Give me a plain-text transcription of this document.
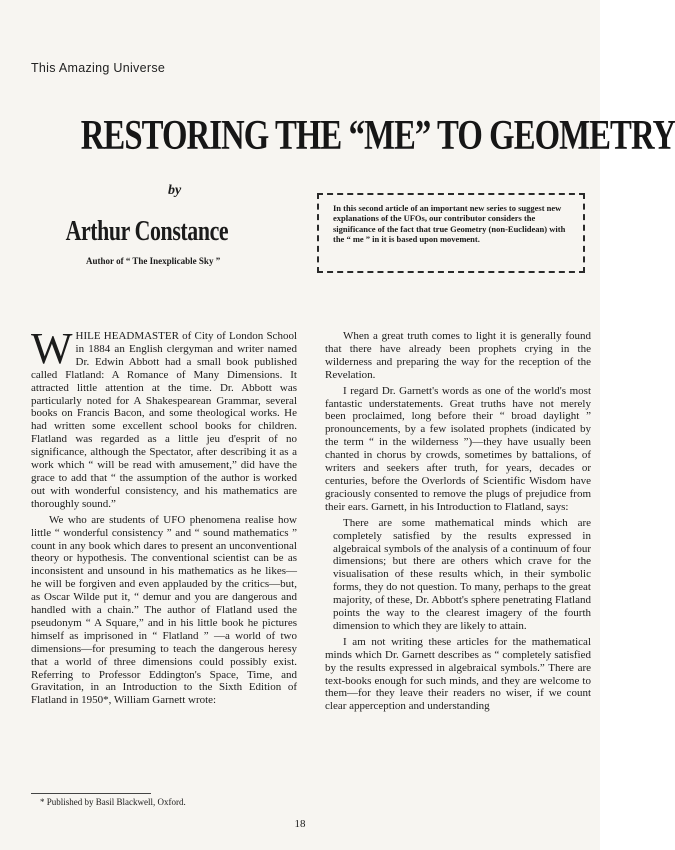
This Amazing Universe
RESTORING THE “ME” TO GEOMETRY
by
Arthur Constance
Author of “ The Inexplicable Sky ”

In this second article of an important new series to suggest new explanations of the UFOs, our contributor considers the significance of the fact that true Geometry (non-Euclidean) with the “ me ” in it is based upon movement.

WHILE HEADMASTER of City of London School in 1884 an English clergyman and writer named Dr. Edwin Abbott had a small book published called Flatland: A Romance of Many Dimensions. It attracted little attention at the time. Dr. Abbott was particularly noted for A Shakespearean Grammar, several books on Francis Bacon, and some theological works. He had written some excellent school books for children. Flatland was regarded as a little jeu d'esprit of no significance, although the Spectator, after describing it as a work which “ will be read with amusement,” did have the grace to add that “ the assumption of the author is worked out with wonderful consistency, and his mathematics are thoroughly sound.”

We who are students of UFO phenomena realise how little “ wonderful consistency ” and “ sound mathematics ” count in any book which dares to present an unconventional theory or hypothesis. The conventional scientist can be as inconsistent and unsound in his mathematics as he likes—he will be forgiven and even applauded by the critics—but, as Oscar Wilde put it, “ demur and you are dangerous and handled with a chain.” The author of Flatland used the pseudonym “ A Square,” and in his little book he pictures himself as imprisoned in “ Flatland ” —a world of two dimensions—for presuming to teach the dangerous heresy that a world of three dimensions could possibly exist. Referring to Professor Eddington's Space, Time, and Gravitation, in an Introduction to the Sixth Edition of Flatland in 1950*, William Garnett wrote:

When a great truth comes to light it is generally found that there have already been prophets crying in the wilderness and preparing the way for the reception of the Revelation.

I regard Dr. Garnett's words as one of the world's most fantastic understatements. Great truths have not merely been proclaimed, long before their “ broad daylight ” pronouncements, by a few isolated prophets (indicated by the term “ in the wilderness ”)—they have usually been chanted in chorus by crowds, sometimes by battalions, of writers and seekers after truth, for years, decades or centuries, before the Overlords of Scientific Wisdom have graciously consented to remove the plugs of prejudice from their ears. Garnett, in his Introduction to Flatland, says:

There are some mathematical minds which are completely satisfied by the results expressed in algebraical symbols of the analysis of a continuum of four dimensions; but there are others which crave for the visualisation of these results which, in their symbolic forms, they do not question. To many, perhaps to the great majority, of these, Dr. Abbott's sphere penetrating Flatland points the way to the clearest imagery of the fourth dimension to which they are likely to attain.

I am not writing these articles for the mathematical minds which Dr. Garnett describes as “ completely satisfied by the results expressed in algebraical symbols.” There are text-books enough for such minds, and they are welcome to them—for they leave their readers no wiser, if we count clear apperception and understanding

* Published by Basil Blackwell, Oxford.
18
